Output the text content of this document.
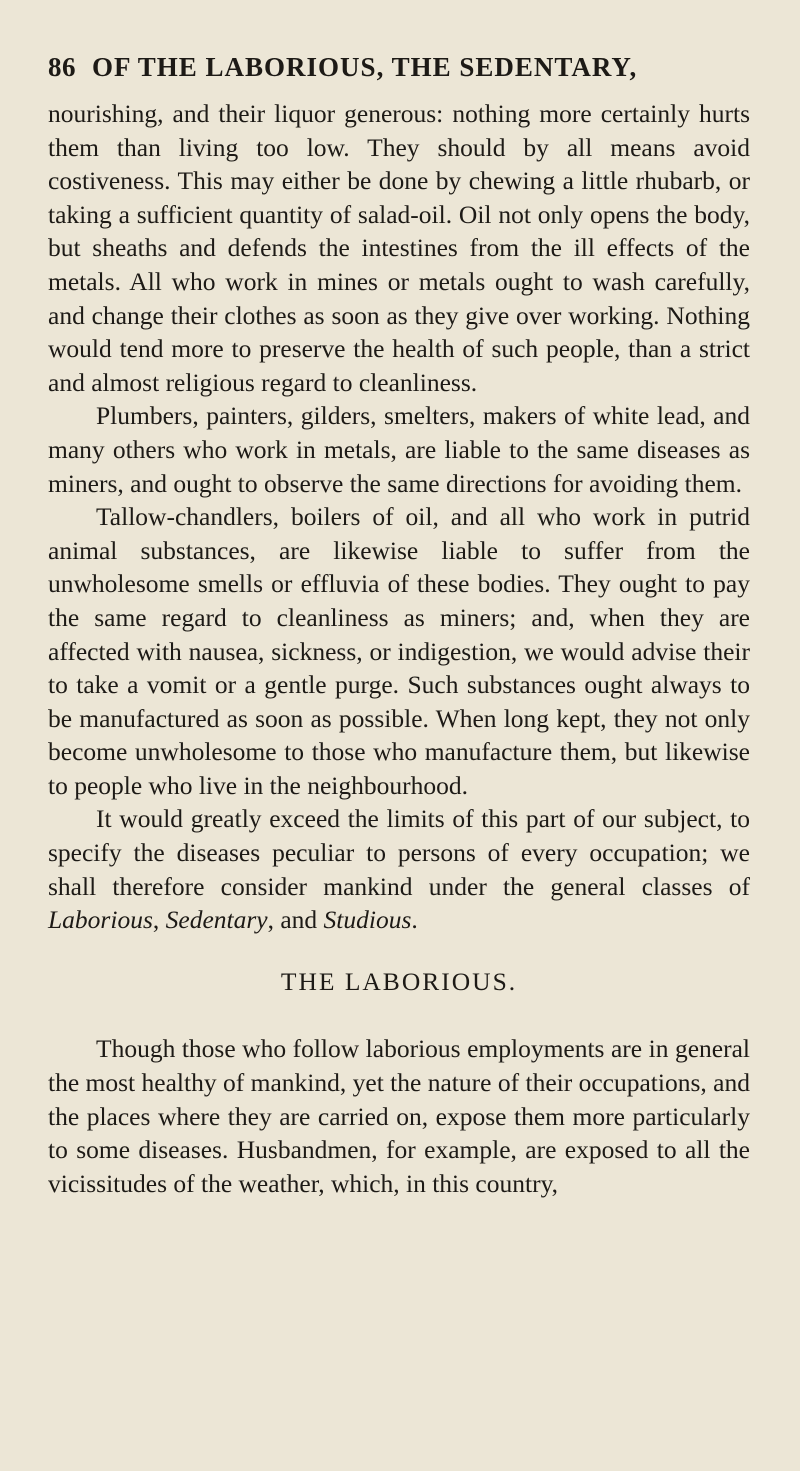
86 OF THE LABORIOUS, THE SEDENTARY,

nourishing, and their liquor generous: nothing more certainly hurts them than living too low. They should by all means avoid costiveness. This may either be done by chewing a little rhubarb, or taking a sufficient quantity of salad-oil. Oil not only opens the body, but sheaths and defends the intestines from the ill effects of the metals. All who work in mines or metals ought to wash carefully, and change their clothes as soon as they give over working. Nothing would tend more to preserve the health of such people, than a strict and almost religious regard to cleanliness.

Plumbers, painters, gilders, smelters, makers of white lead, and many others who work in metals, are liable to the same diseases as miners, and ought to observe the same directions for avoiding them.

Tallow-chandlers, boilers of oil, and all who work in putrid animal substances, are likewise liable to suffer from the unwholesome smells or effluvia of these bodies. They ought to pay the same regard to cleanliness as miners; and, when they are affected with nausea, sickness, or indigestion, we would advise their to take a vomit or a gentle purge. Such substances ought always to be manufactured as soon as possible. When long kept, they not only become unwholesome to those who manufacture them, but likewise to people who live in the neighbourhood.

It would greatly exceed the limits of this part of our subject, to specify the diseases peculiar to persons of every occupation; we shall therefore consider mankind under the general classes of Laborious, Sedentary, and Studious.

THE LABORIOUS.

Though those who follow laborious employments are in general the most healthy of mankind, yet the nature of their occupations, and the places where they are carried on, expose them more particularly to some diseases. Husbandmen, for example, are exposed to all the vicissitudes of the weather, which, in this country,
